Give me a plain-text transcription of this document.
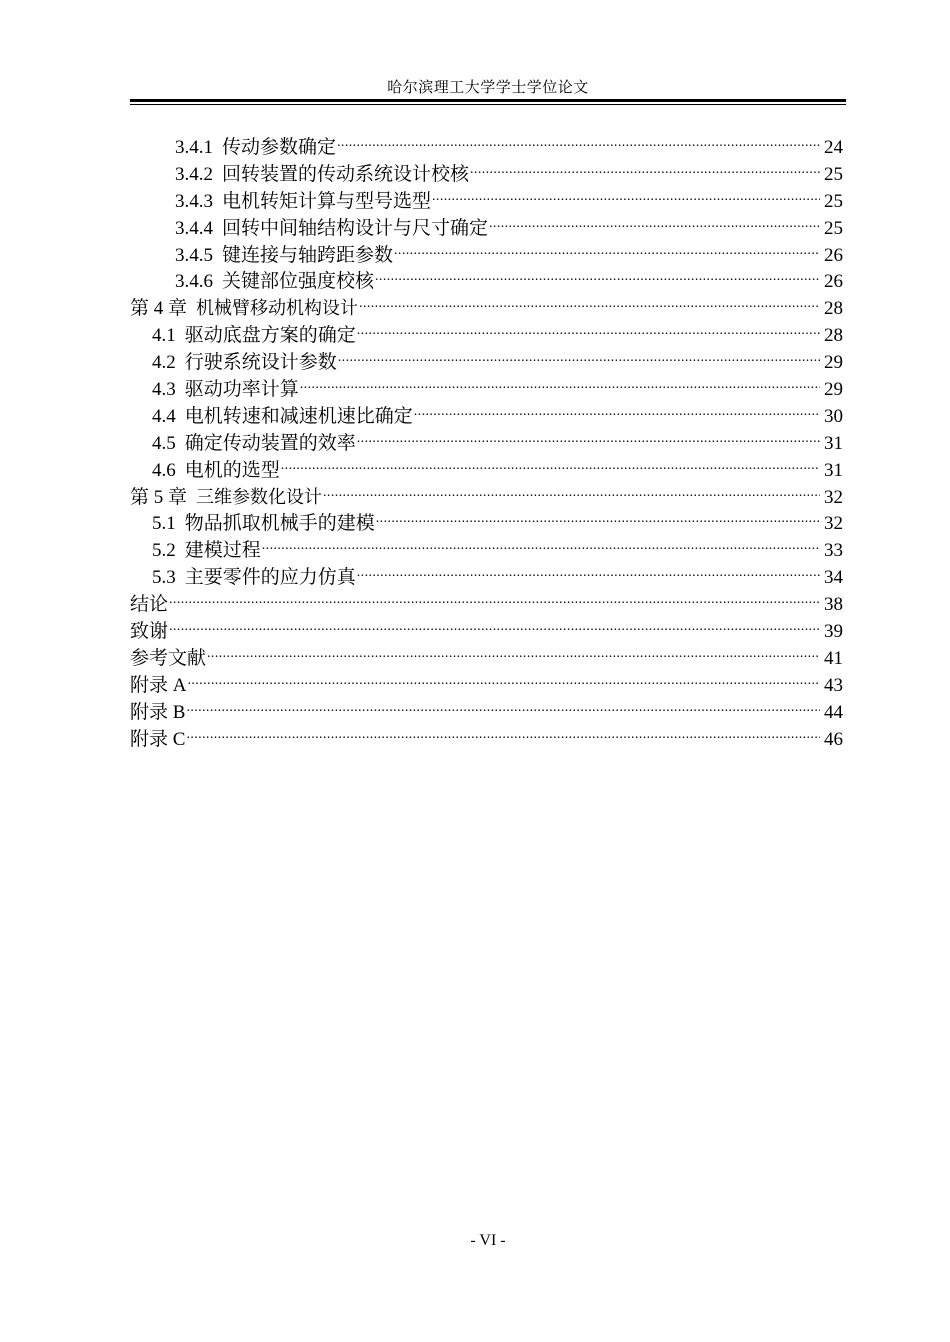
哈尔滨理工大学学士学位论文
3.4.1 传动参数确定 .....	24
3.4.2 回转装置的传动系统设计校核 .....	25
3.4.3 电机转矩计算与型号选型 .....	25
3.4.4 回转中间轴结构设计与尺寸确定 .....	25
3.4.5 键连接与轴跨距参数 .....	26
3.4.6 关键部位强度校核 .....	26
第 4 章 机械臂移动机构设计 .....	28
4.1 驱动底盘方案的确定 .....	28
4.2 行驶系统设计参数 .....	29
4.3 驱动功率计算 .....	29
4.4 电机转速和减速机速比确定 .....	30
4.5 确定传动装置的效率 .....	31
4.6 电机的选型 .....	31
第 5 章 三维参数化设计 .....	32
5.1 物品抓取机械手的建模 .....	32
5.2 建模过程 .....	33
5.3 主要零件的应力仿真 .....	34
结论 .....	38
致谢 .....	39
参考文献 .....	41
附录 A .....	43
附录 B .....	44
附录 C .....	46
- VI -
